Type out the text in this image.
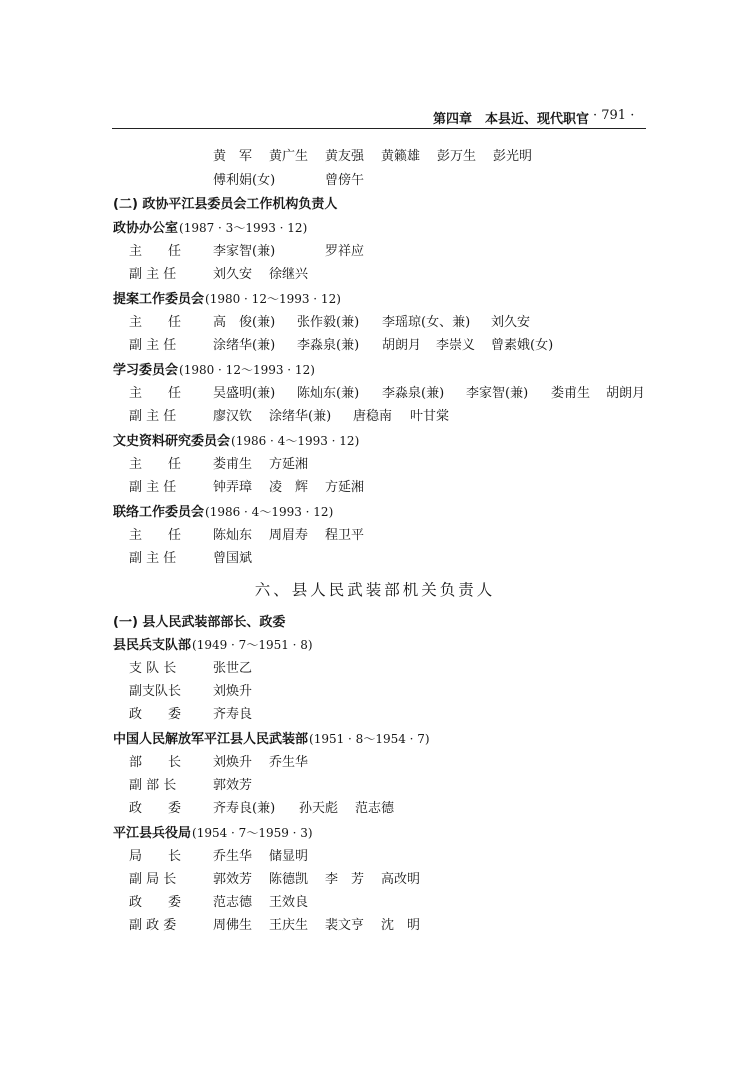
第四章　本县近、现代职官 · 791 ·
黄　军 黄广生 黄友强 黄籁雄 彭万生 彭光明
傅利娟(女)	曾傍午
(二) 政协平江县委员会工作机构负责人
政协办公室(1987 · 3～1993 · 12)
主　　任 李家智(兼)	罗祥应
副 主 任	刘久安 徐继兴
提案工作委员会(1980 · 12～1993 · 12)
主　　任 高　俊(兼) 张作毅(兼) 李瑶琼(女、兼) 刘久安
副 主 任	涂绪华(兼) 李淼泉(兼) 胡朗月 李崇义 曾素娥(女)
学习委员会(1980 · 12～1993 · 12)
主　　任 吴盛明(兼) 陈灿东(兼) 李淼泉(兼) 李家智(兼) 娄甫生 胡朗月
副 主 任	廖汉钦 涂绪华(兼) 唐稳南 叶甘棠
文史资料研究委员会(1986 · 4～1993 · 12)
主　　任 娄甫生 方延湘
副 主 任	钟弄璋 凌　辉 方延湘
联络工作委员会(1986 · 4～1993 · 12)
主　　任 陈灿东 周眉寿 程卫平
副 主 任	曾国斌
六、县人民武装部机关负责人
(一) 县人民武装部部长、政委
县民兵支队部(1949 · 7～1951 · 8)
支 队 长	张世乙
副支队长 刘焕升
政　　委 齐寿良
中国人民解放军平江县人民武装部(1951 · 8～1954 · 7)
部　　长 刘焕升 乔生华
副 部 长	郭效芳
政　　委 齐寿良(兼) 孙天彪 范志德
平江县兵役局(1954 · 7～1959 · 3)
局　　长 乔生华 储显明
副 局 长	郭效芳 陈德凯 李　芳 高改明
政　　委 范志德 王效良
副 政 委	周佛生 王庆生 裴文亨 沈　明
